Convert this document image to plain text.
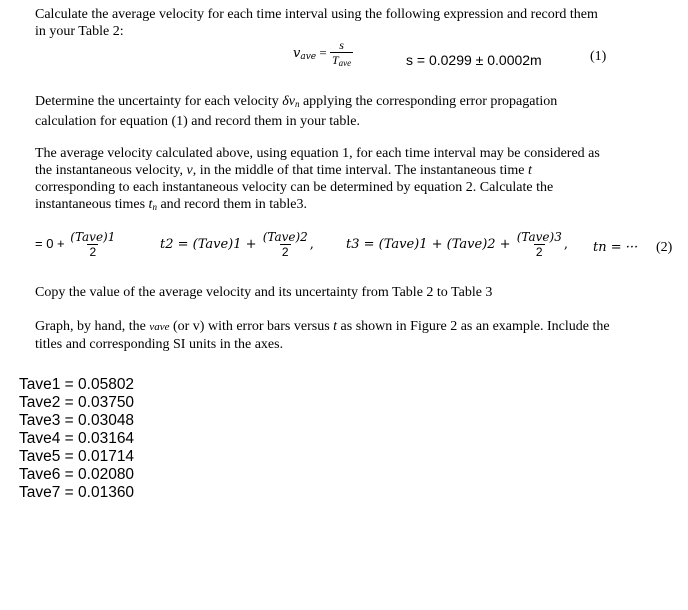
Calculate the average velocity for each time interval using the following expression and record them
in your Table 2:
$v_{ave} = \frac{s}{T_{ave}}$	s = 0.0299 ± 0.0002m	(1)
Determine the uncertainty for each velocity $\delta v_n$ applying the corresponding error propagation
calculation for equation (1) and record them in your table.
The average velocity calculated above, using equation 1, for each time interval may be considered as
the instantaneous velocity, v, in the middle of that time interval. The instantaneous time t
corresponding to each instantaneous velocity can be determined by equation 2. Calculate the
instantaneous times $t_n$ and record them in table3.
= $0 + \frac{\text{(Tave)1}}{2}$	t2 = (Tave)1 + $\frac{\text{(Tave)2}}{2}$ , t3 = (Tave)1 + (Tave)2 + $\frac{\text{(Tave)3}}{2}$ , tn = ··· (2)
Copy the value of the average velocity and its uncertainty from Table 2 to Table 3
Graph, by hand, the vave (or v) with error bars versus t as shown in Figure 2 as an example. Include the
titles and corresponding SI units in the axes.
Tave1 = 0.05802
Tave2 = 0.03750
Tave3 = 0.03048
Tave4 = 0.03164
Tave5 = 0.01714
Tave6 = 0.02080
Tave7 = 0.01360
